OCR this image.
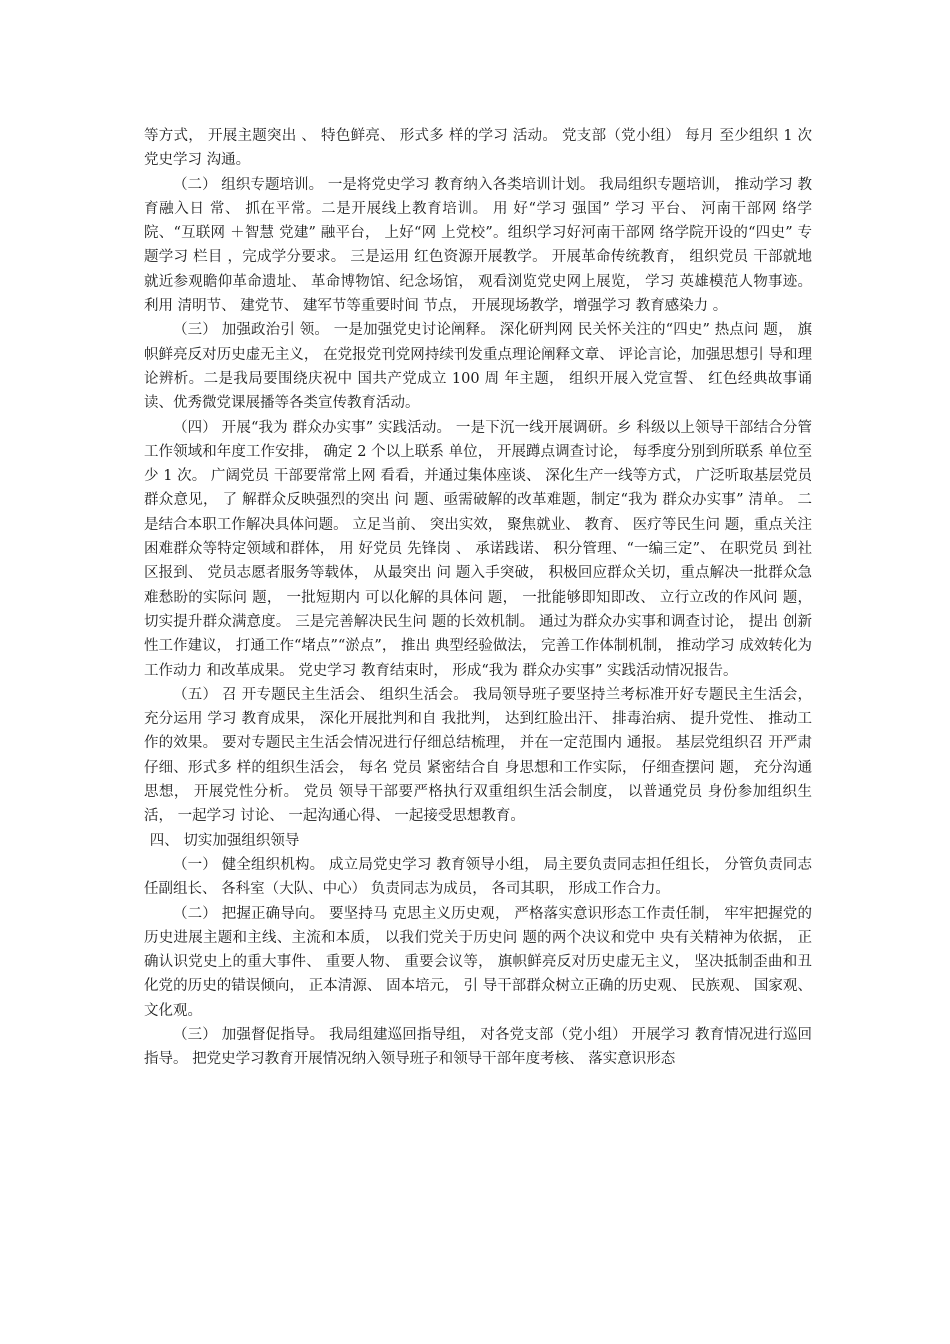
等方式， 开展主题突出 、 特色鲜亮、 形式多 样的学习 活动。 党支部（党小组） 每月 至少组织 1 次党史学习 沟通。

（二） 组织专题培训。 一是将党史学习 教育纳入各类培训计划。 我局组织专题培训， 推动学习 教育融入日 常、 抓在平常。二是开展线上教育培训。 用 好“学习 强国” 学习 平台、 河南干部网 络学院、“互联网 ＋智慧 党建” 融平台， 上好“网 上党校”。组织学习好河南干部网 络学院开设的“四史” 专题学习 栏目 ，完成学分要求。 三是运用 红色资源开展教学。 开展革命传统教育， 组织党员 干部就地就近参观瞻仰革命遗址、 革命博物馆、纪念场馆， 观看浏览党史网上展览， 学习 英雄模范人物事迹。利用 清明节、 建党节、 建军节等重要时间 节点， 开展现场教学，增强学习 教育感染力 。

（三） 加强政治引 领。 一是加强党史讨论阐释。 深化研判网 民关怀关注的“四史” 热点问 题， 旗帜鲜亮反对历史虚无主义， 在党报党刊党网持续刊发重点理论阐释文章、 评论言论，加强思想引 导和理论辨析。二是我局要围绕庆祝中 国共产党成立 100 周 年主题， 组织开展入党宣誓、 红色经典故事诵读、优秀微党课展播等各类宣传教育活动。

（四） 开展“我为 群众办实事” 实践活动。 一是下沉一线开展调研。乡 科级以上领导干部结合分管工作领域和年度工作安排， 确定 2 个以上联系 单位， 开展蹲点调查讨论， 每季度分别到所联系 单位至少 1 次。 广阔党员 干部要常常上网 看看，并通过集体座谈、 深化生产一线等方式， 广泛听取基层党员 群众意见， 了 解群众反映强烈的突出 问 题、亟需破解的改革难题，制定“我为 群众办实事” 清单。 二是结合本职工作解决具体问题。 立足当前、 突出实效， 聚焦就业、 教育、 医疗等民生问 题，重点关注困难群众等特定领域和群体， 用 好党员 先锋岗 、 承诺践诺、 积分管理、“一编三定”、 在职党员 到社区报到、 党员志愿者服务等载体， 从最突出 问 题入手突破， 积极回应群众关切，重点解决一批群众急难愁盼的实际问 题， 一批短期内 可以化解的具体问 题， 一批能够即知即改、 立行立改的作风问 题， 切实提升群众满意度。 三是完善解决民生问 题的长效机制。 通过为群众办实事和调查讨论， 提出 创新性工作建议， 打通工作“堵点”“淤点”， 推出 典型经验做法， 完善工作体制机制， 推动学习 成效转化为工作动力 和改革成果。 党史学习 教育结束时， 形成“我为 群众办实事” 实践活动情况报告。

（五） 召 开专题民主生活会、 组织生活会。 我局领导班子要坚持兰考标准开好专题民主生活会， 充分运用 学习 教育成果， 深化开展批判和自 我批判， 达到红脸出汗、 排毒治病、 提升党性、 推动工作的效果。 要对专题民主生活会情况进行仔细总结梳理， 并在一定范围内 通报。 基层党组织召 开严肃仔细、形式多 样的组织生活会， 每名 党员 紧密结合自 身思想和工作实际， 仔细查摆问 题， 充分沟通思想， 开展党性分析。 党员 领导干部要严格执行双重组织生活会制度， 以普通党员 身份参加组织生活， 一起学习 讨论、 一起沟通心得、 一起接受思想教育。

四、 切实加强组织领导

（一） 健全组织机构。 成立局党史学习 教育领导小组， 局主要负责同志担任组长， 分管负责同志任副组长、 各科室（大队、中心） 负责同志为成员， 各司其职， 形成工作合力。

（二） 把握正确导向。 要坚持马 克思主义历史观， 严格落实意识形态工作责任制， 牢牢把握党的历史进展主题和主线、主流和本质， 以我们党关于历史问 题的两个决议和党中 央有关精神为依据， 正确认识党史上的重大事件、 重要人物、 重要会议等， 旗帜鲜亮反对历史虚无主义， 坚决抵制歪曲和丑化党的历史的错误倾向， 正本清源、 固本培元， 引 导干部群众树立正确的历史观、 民族观、 国家观、 文化观。

（三） 加强督促指导。 我局组建巡回指导组， 对各党支部（党小组） 开展学习 教育情况进行巡回指导。 把党史学习教育开展情况纳入领导班子和领导干部年度考核、 落实意识形态
